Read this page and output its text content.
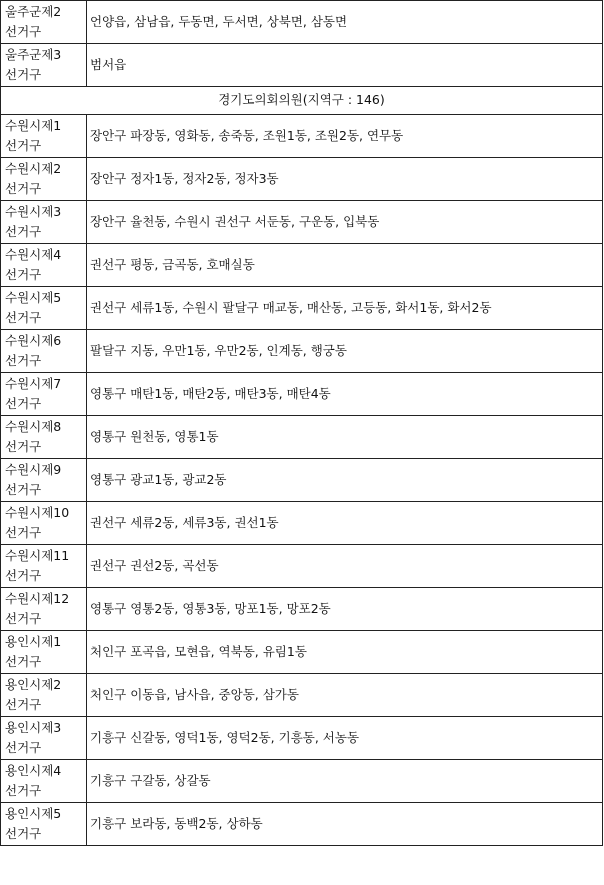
울주군제2
선거구	언양읍, 삼남읍, 두동면, 두서면, 상북면, 삼동면

울주군제3
선거구	범서읍
경기도의회의원(지역구 : 146)	

수원시제1
선거구	장안구 파장동, 영화동, 송죽동, 조원1동, 조원2동, 연무동

수원시제2
선거구	장안구 정자1동, 정자2동, 정자3동

수원시제3
선거구	장안구 율천동, 수원시 권선구 서둔동, 구운동, 입북동

수원시제4
선거구	권선구 평동, 금곡동, 호매실동

수원시제5
선거구	권선구 세류1동, 수원시 팔달구 매교동, 매산동, 고등동, 화서1동, 화서2동

수원시제6
선거구	팔달구 지동, 우만1동, 우만2동, 인계동, 행궁동

수원시제7
선거구	영통구 매탄1동, 매탄2동, 매탄3동, 매탄4동

수원시제8
선거구	영통구 원천동, 영통1동

수원시제9
선거구	영통구 광교1동, 광교2동

수원시제10
선거구	권선구 세류2동, 세류3동, 권선1동

수원시제11
선거구	권선구 권선2동, 곡선동

수원시제12
선거구	영통구 영통2동, 영통3동, 망포1동, 망포2동

용인시제1
선거구	처인구 포곡읍, 모현읍, 역북동, 유림1동

용인시제2
선거구	처인구 이동읍, 남사읍, 중앙동, 삼가동

용인시제3
선거구	기흥구 신갈동, 영덕1동, 영덕2동, 기흥동, 서농동

용인시제4
선거구	기흥구 구갈동, 상갈동

용인시제5
선거구	기흥구 보라동, 동백2동, 상하동
